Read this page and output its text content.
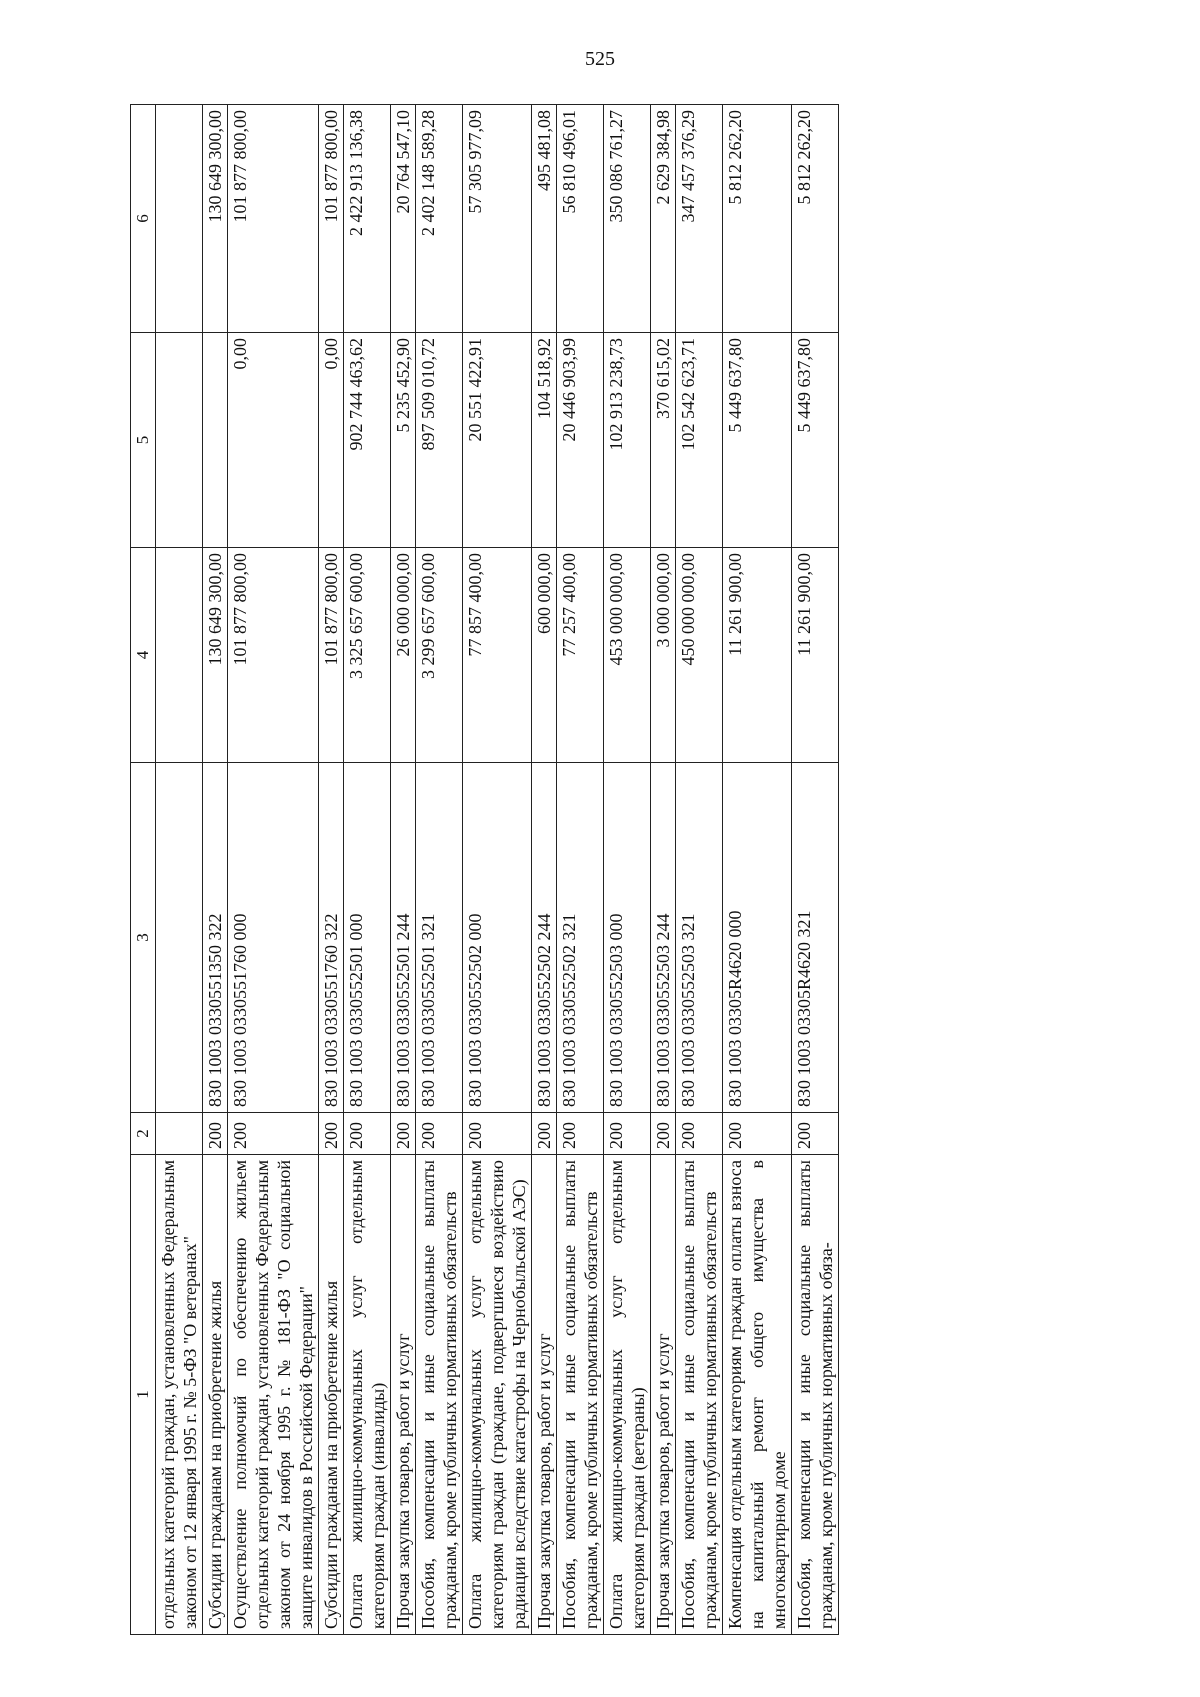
525
1	2	3	4	5	6
отдельных категорий граждан, установленных Федеральным законом от 12 января 1995 г. № 5-ФЗ "О ветеранах"					
Субсидии гражданам на приобретение жилья	200	830 1003 0330551350 322	130 649 300,00		130 649 300,00
Осуществление полномочий по обеспечению жильем отдельных категорий граждан, установленных Федеральным законом от 24 ноября 1995 г. № 181-ФЗ "О социальной защите инвалидов в Российской Федерации"	200	830 1003 0330551760 000	101 877 800,00	0,00	101 877 800,00
Субсидии гражданам на приобретение жилья	200	830 1003 0330551760 322	101 877 800,00	0,00	101 877 800,00
Оплата жилищно-коммунальных услуг отдельным категориям граждан (инвалиды)	200	830 1003 0330552501 000	3 325 657 600,00	902 744 463,62	2 422 913 136,38
Прочая закупка товаров, работ и услуг	200	830 1003 0330552501 244	26 000 000,00	5 235 452,90	20 764 547,10
Пособия, компенсации и иные социальные выплаты гражданам, кроме публичных нормативных обязательств	200	830 1003 0330552501 321	3 299 657 600,00	897 509 010,72	2 402 148 589,28
Оплата жилищно-коммунальных услуг отдельным категориям граждан (граждане, подвергшиеся воздействию радиации вследствие катастрофы на Чернобыльской АЭС)	200	830 1003 0330552502 000	77 857 400,00	20 551 422,91	57 305 977,09
Прочая закупка товаров, работ и услуг	200	830 1003 0330552502 244	600 000,00	104 518,92	495 481,08
Пособия, компенсации и иные социальные выплаты гражданам, кроме публичных нормативных обязательств	200	830 1003 0330552502 321	77 257 400,00	20 446 903,99	56 810 496,01
Оплата жилищно-коммунальных услуг отдельным категориям граждан (ветераны)	200	830 1003 0330552503 000	453 000 000,00	102 913 238,73	350 086 761,27
Прочая закупка товаров, работ и услуг	200	830 1003 0330552503 244	3 000 000,00	370 615,02	2 629 384,98
Пособия, компенсации и иные социальные выплаты гражданам, кроме публичных нормативных обязательств	200	830 1003 0330552503 321	450 000 000,00	102 542 623,71	347 457 376,29
Компенсация отдельным категориям граждан оплаты взноса на капитальный ремонт общего имущества в многоквартирном доме	200	830 1003 03305R4620 000	11 261 900,00	5 449 637,80	5 812 262,20
Пособия, компенсации и иные социальные выплаты гражданам, кроме публичных нормативных обяза-	200	830 1003 03305R4620 321	11 261 900,00	5 449 637,80	5 812 262,20
